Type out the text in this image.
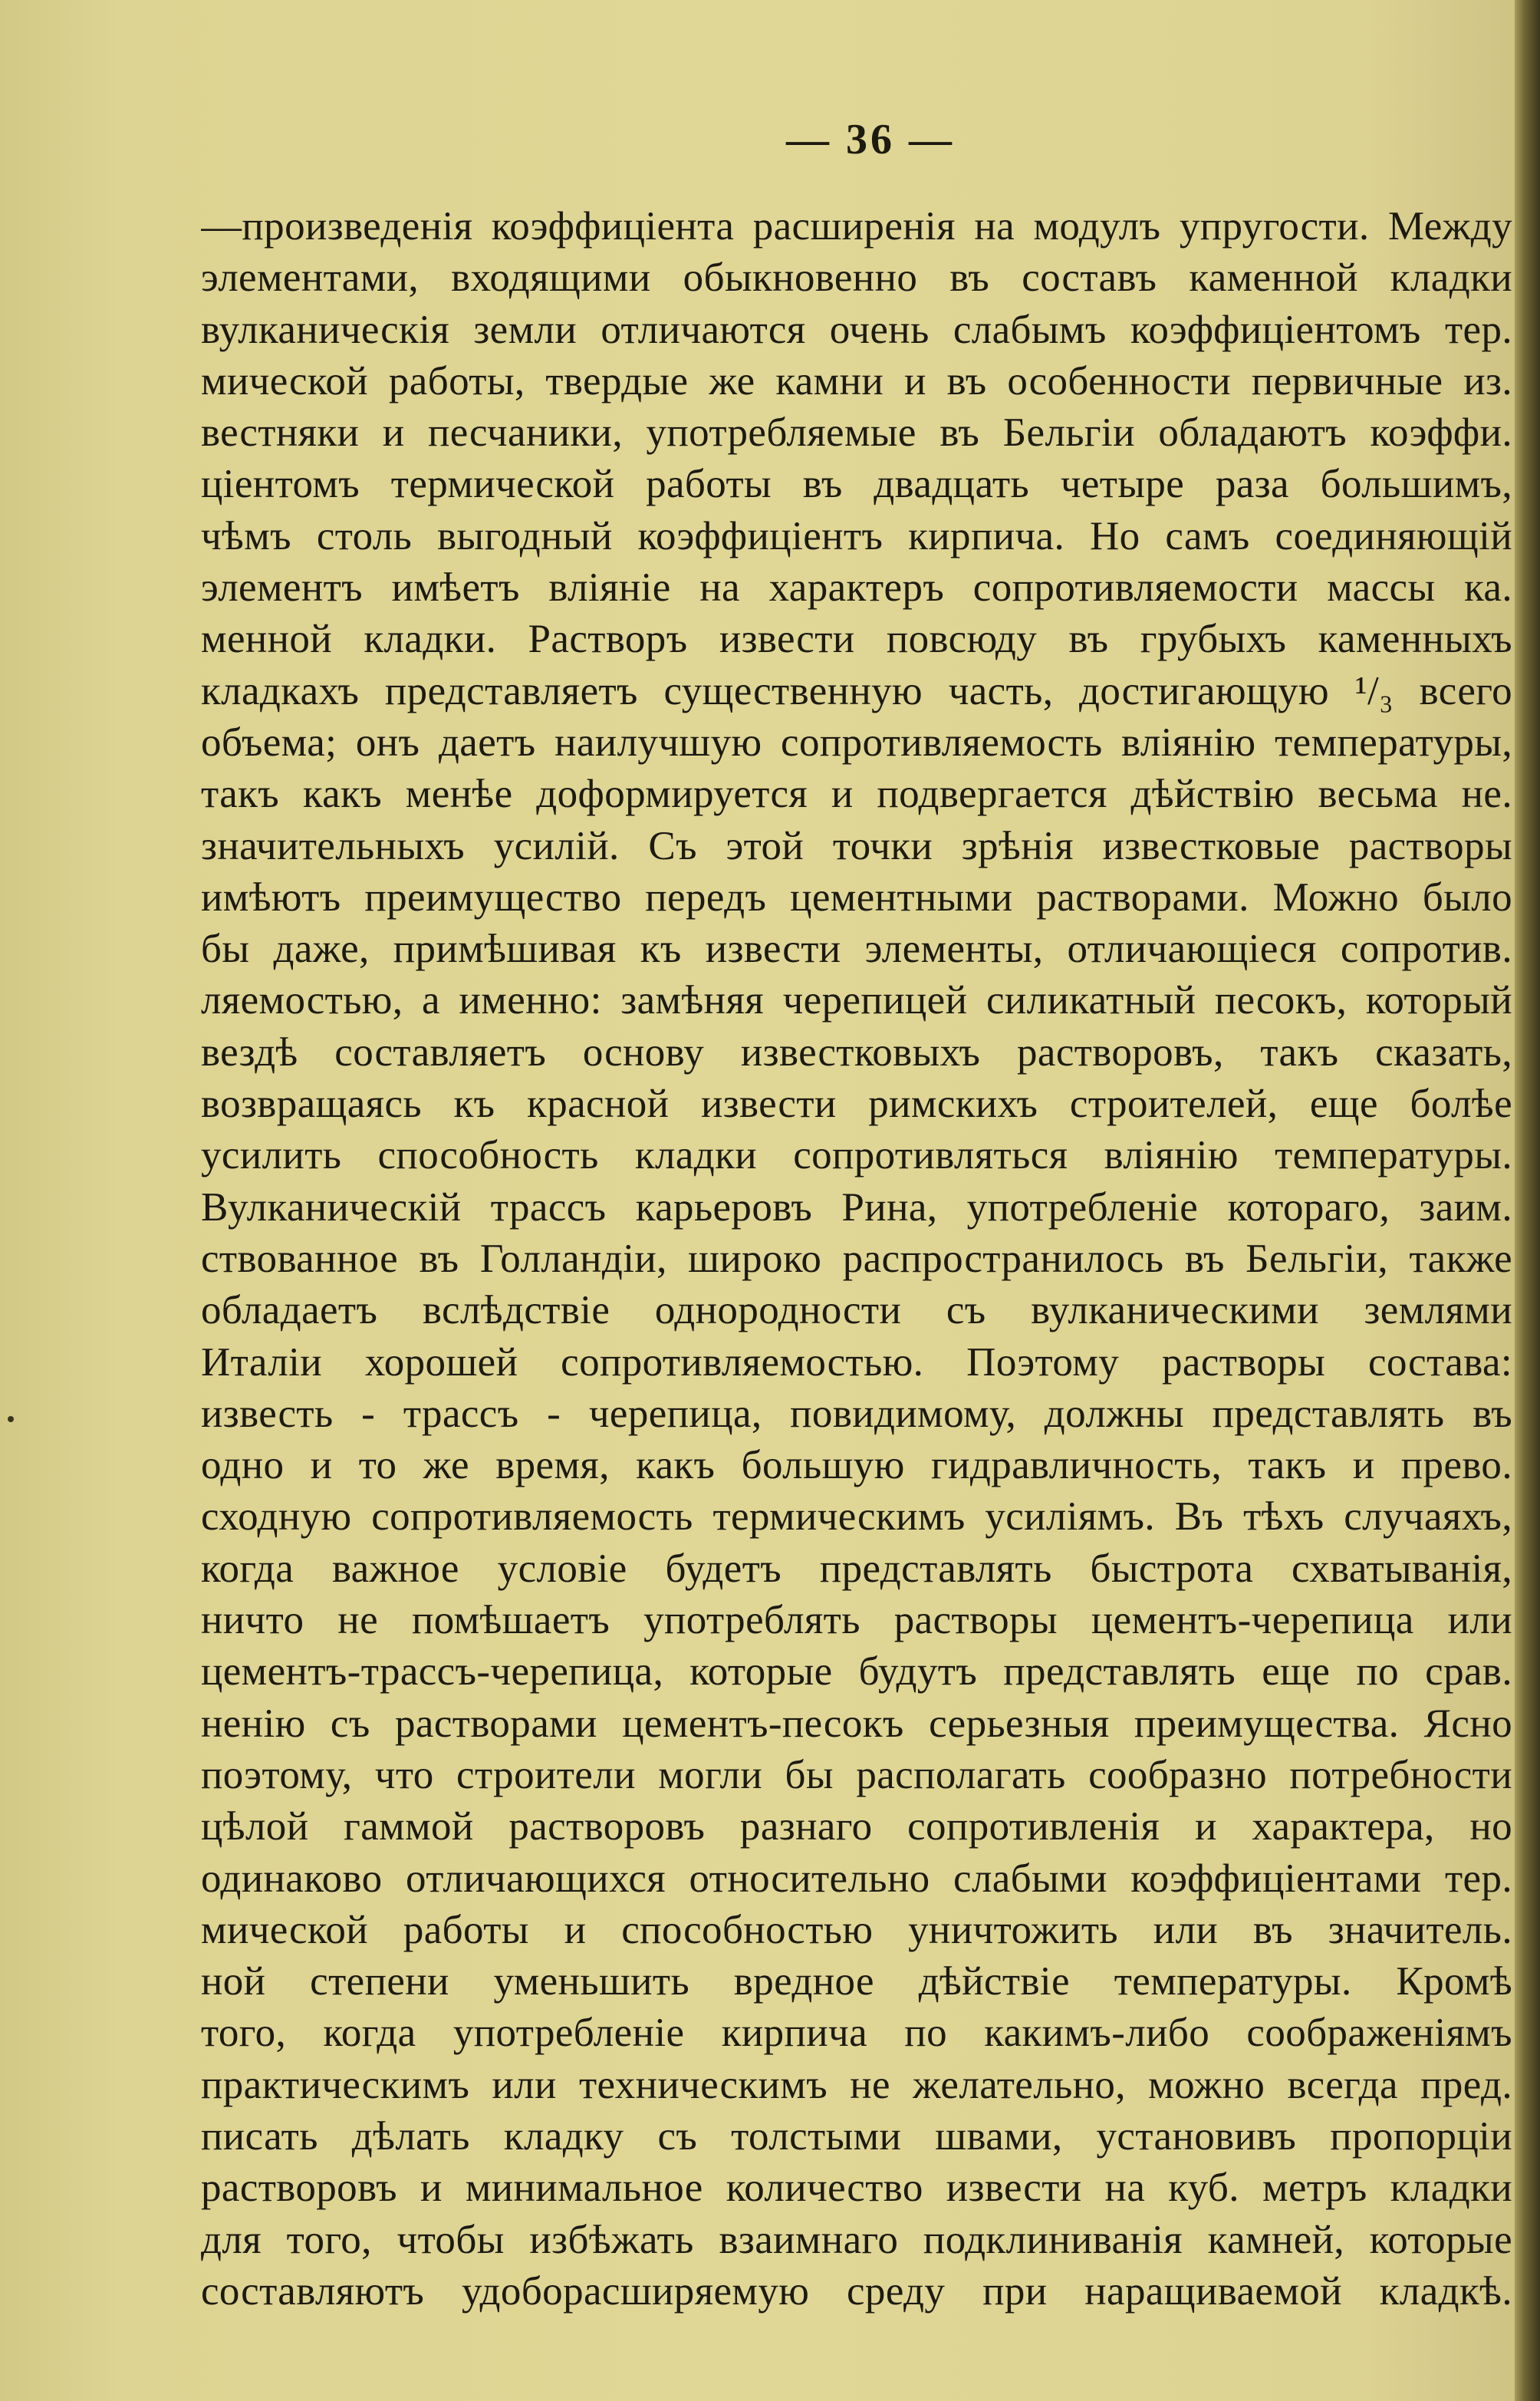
— 36 —
—произведенія коэффиціента расширенія на модулъ упругости. Между
элементами, входящими обыкновенно въ составъ каменной кладки
вулканическія земли отличаются очень слабымъ коэффиціентомъ тер.
мической работы, твердые же камни и въ особенности первичные из.
вестняки и песчаники, употребляемые въ Бельгіи обладаютъ коэффи.
ціентомъ термической работы въ двадцать четыре раза большимъ,
чѣмъ столь выгодный коэффиціентъ кирпича. Но самъ соединяющій
элементъ имѣетъ вліяніе на характеръ сопротивляемости массы ка.
менной кладки. Растворъ извести повсюду въ грубыхъ каменныхъ
кладкахъ представляетъ существенную часть, достигающую ¹/₃ всего
объема; онъ даетъ наилучшую сопротивляемость вліянію температуры,
такъ какъ менѣе доформируется и подвергается дѣйствію весьма не.
значительныхъ усилій. Съ этой точки зрѣнія известковые растворы
имѣютъ преимущество передъ цементными растворами. Можно было
бы даже, примѣшивая къ извести элементы, отличающіеся сопротив.
ляемостью, а именно: замѣняя черепицей силикатный песокъ, который
вездѣ составляетъ основу известковыхъ растворовъ, такъ сказать,
возвращаясь къ красной извести римскихъ строителей, еще болѣе
усилить способность кладки сопротивляться вліянію температуры.
Вулканическій трассъ карьеровъ Рина, употребленіе котораго, заим.
ствованное въ Голландіи, широко распространилось въ Бельгіи, также
обладаетъ вслѣдствіе однородности съ вулканическими землями
Италіи хорошей сопротивляемостью. Поэтому растворы состава:
известь - трассъ - черепица, повидимому, должны представлять въ
одно и то же время, какъ большую гидравличность, такъ и прево.
сходную сопротивляемость термическимъ усиліямъ. Въ тѣхъ случаяхъ,
когда важное условіе будетъ представлять быстрота схватыванія,
ничто не помѣшаетъ употреблять растворы цементъ-черепица или
цементъ-трассъ-черепица, которые будутъ представлять еще по срав.
ненію съ растворами цементъ-песокъ серьезныя преимущества. Ясно
поэтому, что строители могли бы располагать сообразно потребности
цѣлой гаммой растворовъ разнаго сопротивленія и характера, но
одинаково отличающихся относительно слабыми коэффиціентами тер.
мической работы и способностью уничтожить или въ значитель.
ной степени уменьшить вредное дѣйствіе температуры. Кромѣ
того, когда употребленіе кирпича по какимъ-либо соображеніямъ
практическимъ или техническимъ не желательно, можно всегда пред.
писать дѣлать кладку съ толстыми швами, установивъ пропорціи
растворовъ и минимальное количество извести на куб. метръ кладки
для того, чтобы избѣжать взаимнаго подклиниванія камней, которые
составляютъ удоборасширяемую среду при наращиваемой кладкѣ.
